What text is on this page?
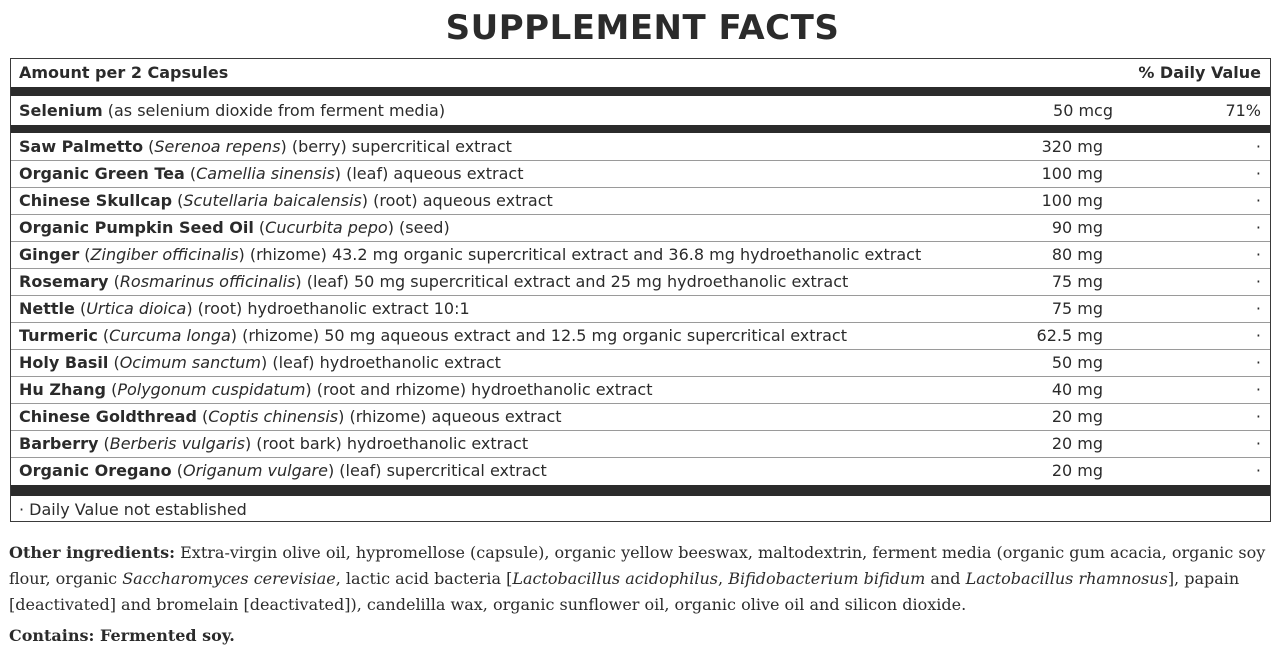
SUPPLEMENT FACTS
Amount per 2 Capsules	% Daily Value
Selenium (as selenium dioxide from ferment media)	50 mcg	71%
Saw Palmetto (Serenoa repens) (berry) supercritical extract	320 mg	·
Organic Green Tea (Camellia sinensis) (leaf) aqueous extract	100 mg	·
Chinese Skullcap (Scutellaria baicalensis) (root) aqueous extract	100 mg	·
Organic Pumpkin Seed Oil (Cucurbita pepo) (seed)	90 mg	·
Ginger (Zingiber officinalis) (rhizome) 43.2 mg organic supercritical extract and 36.8 mg hydroethanolic extract	80 mg	·
Rosemary (Rosmarinus officinalis) (leaf) 50 mg supercritical extract and 25 mg hydroethanolic extract	75 mg	·
Nettle (Urtica dioica) (root) hydroethanolic extract 10:1	75 mg	·
Turmeric (Curcuma longa) (rhizome) 50 mg aqueous extract and 12.5 mg organic supercritical extract	62.5 mg	·
Holy Basil (Ocimum sanctum) (leaf) hydroethanolic extract	50 mg	·
Hu Zhang (Polygonum cuspidatum) (root and rhizome) hydroethanolic extract	40 mg	·
Chinese Goldthread (Coptis chinensis) (rhizome) aqueous extract	20 mg	·
Barberry (Berberis vulgaris) (root bark) hydroethanolic extract	20 mg	·
Organic Oregano (Origanum vulgare) (leaf) supercritical extract	20 mg	·
· Daily Value not established
Other ingredients: Extra-virgin olive oil, hypromellose (capsule), organic yellow beeswax, maltodextrin, ferment media (organic gum acacia, organic soy flour, organic Saccharomyces cerevisiae, lactic acid bacteria [Lactobacillus acidophilus, Bifidobacterium bifidum and Lactobacillus rhamnosus], papain [deactivated] and bromelain [deactivated]), candelilla wax, organic sunflower oil, organic olive oil and silicon dioxide.
Contains: Fermented soy.
